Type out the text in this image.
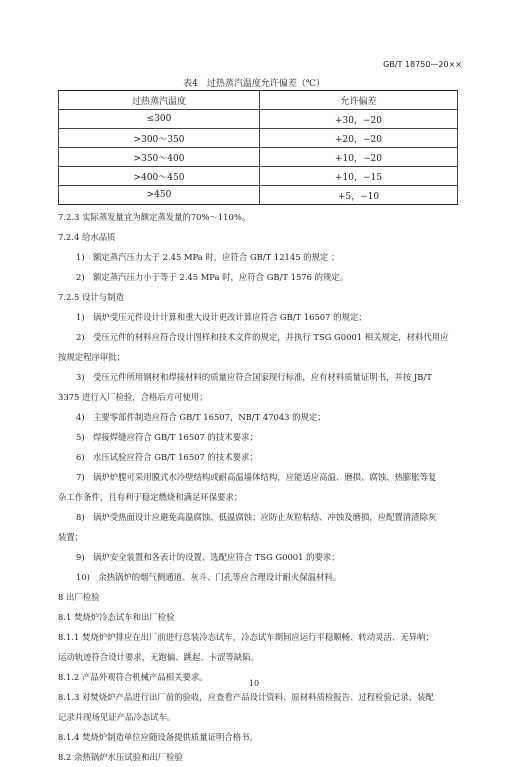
GB/T 18750—20××
表4　过热蒸汽温度允许偏差（℃）
过热蒸汽温度	允许偏差
≤300	+30，−20
>300～350	+20，−20
>350～400	+10，−20
>400～450	+10，−15
>450	+5，−10

7.2.3 实际蒸发量宜为额定蒸发量的70%～110%。

7.2.4 给水品质

1)　额定蒸汽压力大于 2.45 MPa 时，应符合 GB/T 12145 的规定 ；

2)　额定蒸汽压力小于等于 2.45 MPa 时，应符合 GB/T 1576 的规定。

7.2.5 设计与制造

1)　锅炉受压元件设计计算和重大设计更改计算应符合 GB/T 16507 的规定；

2)　受压元件的材料应符合设计图样和技术文件的规定，并执行 TSG G0001 相关规定，材料代用应

按规定程序审批；

3)　受压元件所用钢材和焊接材料的质量应符合国家现行标准，应有材料质量证明书，并按 JB/T

3375 进行入厂检验，合格后方可使用；

4)　主要零部件制造应符合 GB/T 16507，NB/T 47043 的规定；

5)　焊接焊缝应符合 GB/T 16507 的技术要求；

6)　水压试验应符合 GB/T 16507 的技术要求；

7)　锅炉炉膛可采用膜式水冷壁结构或耐高温墙体结构，应能适应高温、磨损、腐蚀、热膨胀等复

杂工作条件，且有利于稳定燃烧和满足环保要求；

8)　锅炉受热面设计应避免高温腐蚀、低温腐蚀；应防止灰粒粘结、冲蚀及磨损，应配置清渣除灰

装置；

9)　锅炉安全装置和各表计的设置、选配应符合 TSG G0001 的要求；

10)　余热锅炉的烟气侧通道、灰斗、门孔等应合理设计耐火保温材料。

8 出厂检验

8.1 焚烧炉冷态试车和出厂检验

8.1.1 焚烧炉炉排应在出厂前进行总装冷态试车，冷态试车期间应运行平稳顺畅、转动灵活、无异响；

运动轨迹符合设计要求，无跑偏、跳起、卡涩等缺陷。

8.1.2 产品外观符合机械产品相关要求。

8.1.3 对焚烧炉产品进行出厂前的验收，应查看产品设计资料、原材料质检报告、过程检验记录、装配

记录并现场见证产品冷态试车。

8.1.4 焚烧炉制造单位应随设备提供质量证明合格书。

8.2 余热锅炉水压试验和出厂检验

10
